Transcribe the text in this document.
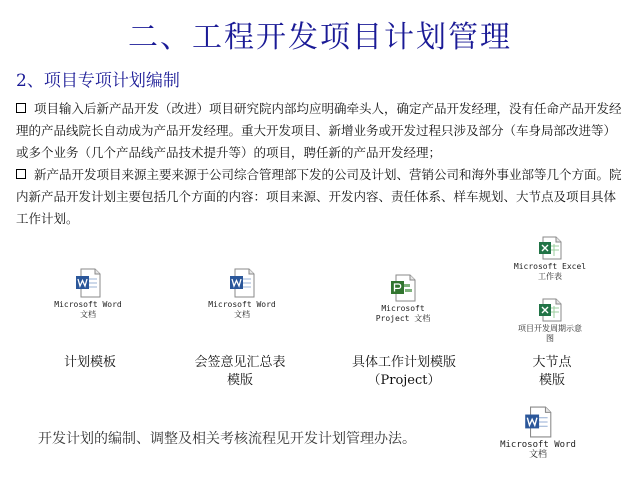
二、工程开发项目计划管理
2、项目专项计划编制

项目输入后新产品开发（改进）项目研究院内部均应明确牵头人，确定产品开发经理，没有任命产品开发经理的产品线院长自动成为产品开发经理。重大开发项目、新增业务或开发过程只涉及部分（车身局部改进等）或多个业务（几个产品线产品技术提升等）的项目，聘任新的产品开发经理；

新产品开发项目来源主要来源于公司综合管理部下发的公司及计划、营销公司和海外事业部等几个方面。院内新产品开发计划主要包括几个方面的内容：项目来源、开发内容、责任体系、样车规划、大节点及项目具体工作计划。

Microsoft Word
文档
Microsoft Word
文档
Microsoft
Project 文档
Microsoft Excel
工作表
项目开发周期示意
图
计划模板	会签意见汇总表
模版
具体工作计划模版
（Project）
大节点
模版
开发计划的编制、调整及相关考核流程见开发计划管理办法。	Microsoft Word
文档
